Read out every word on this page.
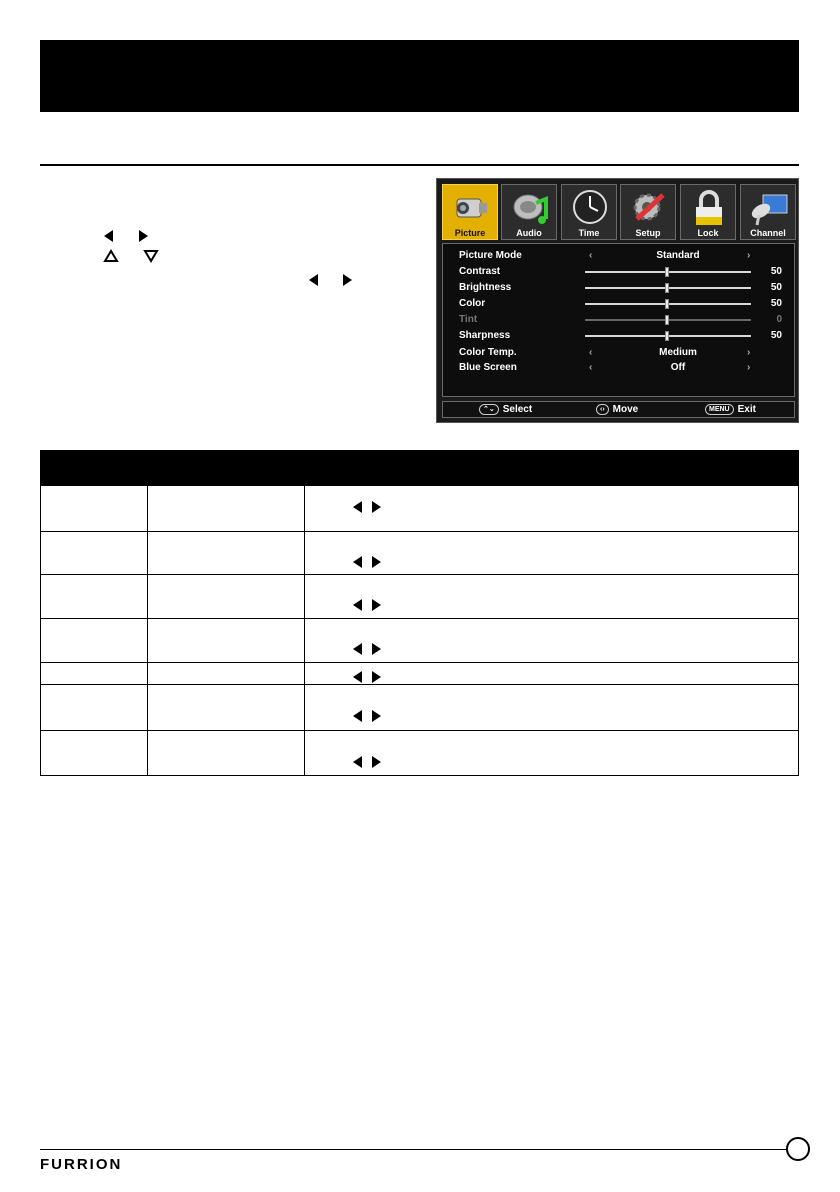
Picture	Audio	Time	Setup	Lock	Channel
Picture Mode	‹	Standard	›
Contrast	50
Brightness	50
Color	50
Tint	0
Sharpness	50
Color Temp.	‹	Medium	›
Blue Screen	‹	Off	›
⌃⌄ Select	‹› Move	MENU Exit
FURRION
